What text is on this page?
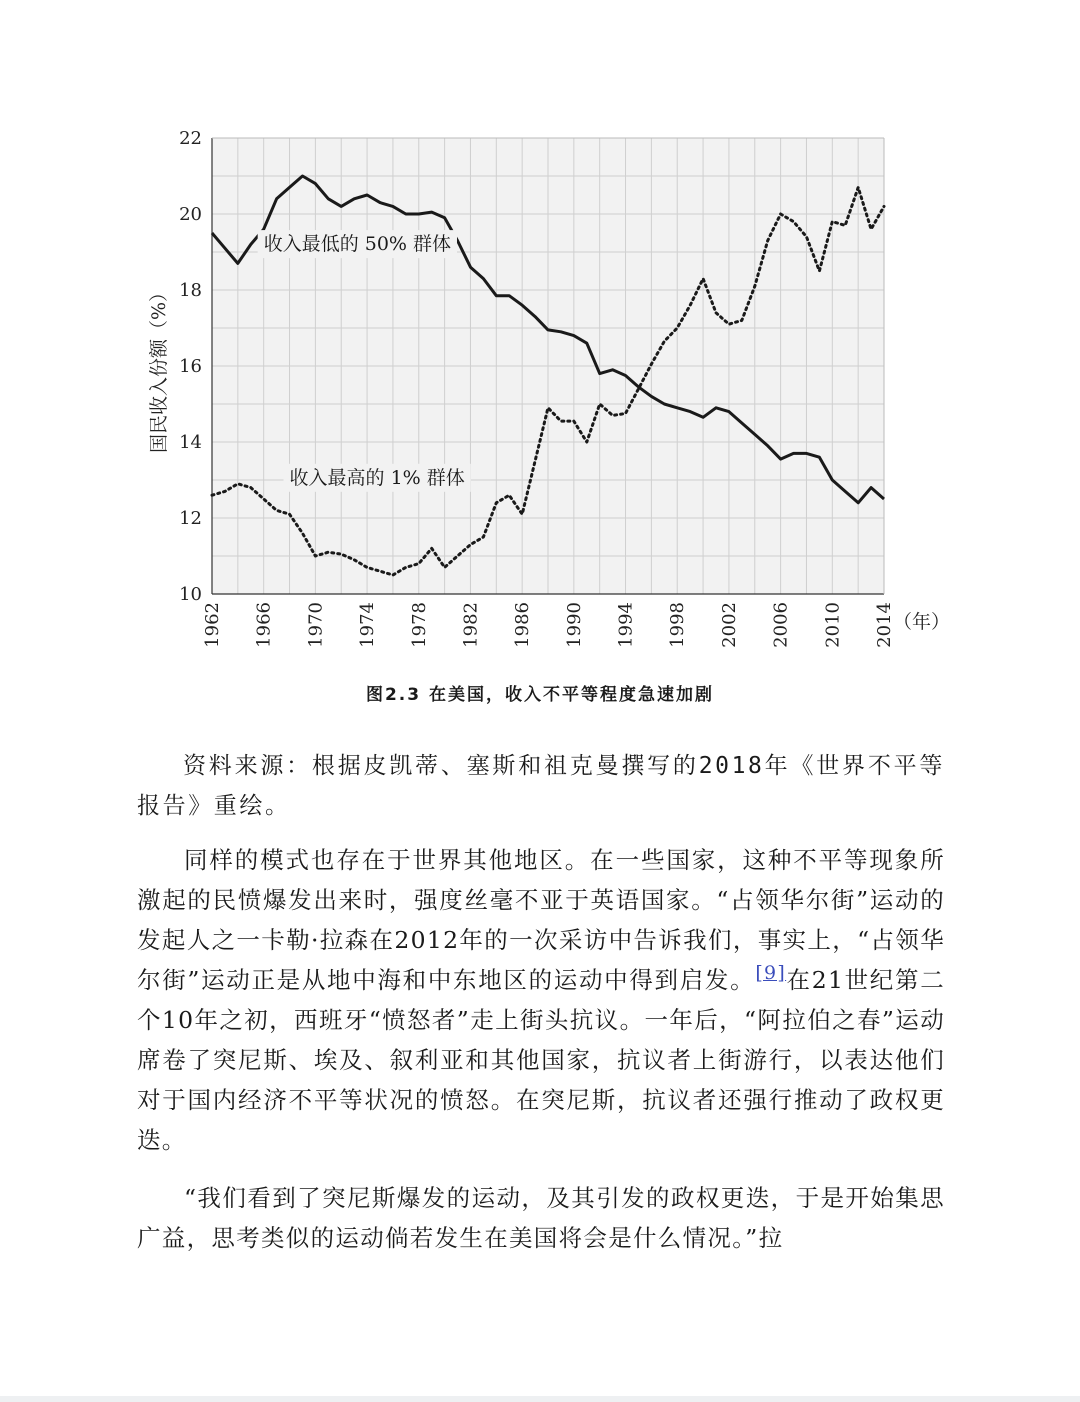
10
12
14
16
18
20
22
1962 1966 1970 1974 1978 1982 1986 1990 1994 1998 2002 2006 2010 2014
收入最低的 50% 群体
收入最高的 1% 群体
国民收入份额（%）
（年）
图2.3 在美国，收入不平等程度急速加剧

资料来源：根据皮凯蒂、塞斯和祖克曼撰写的2018年《世界不平等报告》重绘。

同样的模式也存在于世界其他地区。在一些国家，这种不平等现象所激起的民愤爆发出来时，强度丝毫不亚于英语国家。“占领华尔街”运动的发起人之一卡勒·拉森在2012年的一次采访中告诉我们，事实上，“占领华尔街”运动正是从地中海和中东地区的运动中得到启发。[9]在21世纪第二个10年之初，西班牙“愤怒者”走上街头抗议。一年后，“阿拉伯之春”运动席卷了突尼斯、埃及、叙利亚和其他国家，抗议者上街游行，以表达他们对于国内经济不平等状况的愤怒。在突尼斯，抗议者还强行推动了政权更迭。

“我们看到了突尼斯爆发的运动，及其引发的政权更迭，于是开始集思广益，思考类似的运动倘若发生在美国将会是什么情况。”拉
